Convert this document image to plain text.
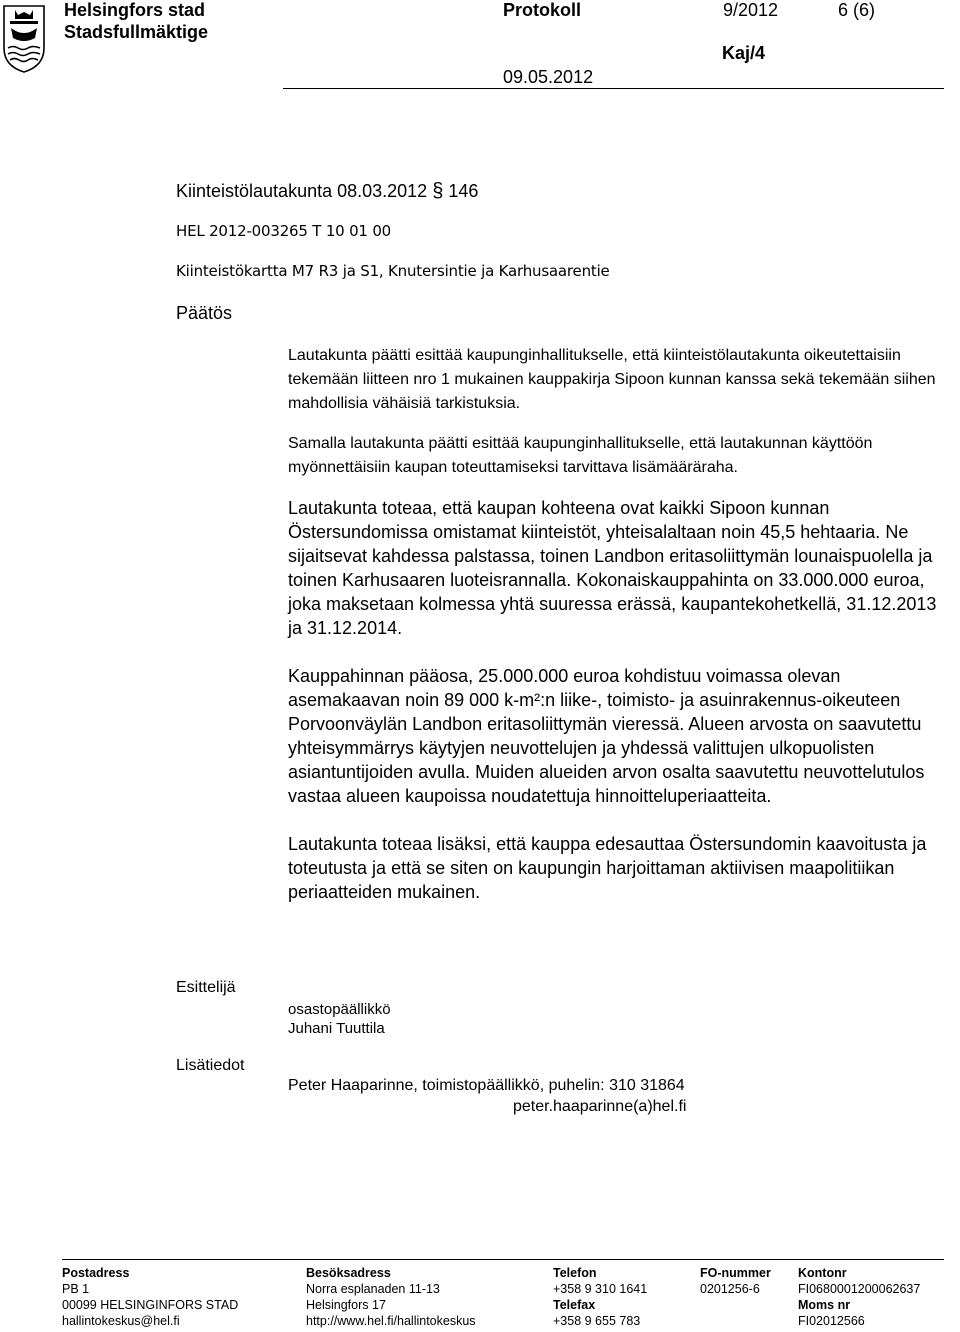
Helsingfors stad
Stadsfullmäktige
Protokoll	9/2012	6 (6)
Kaj/4
09.05.2012
Kiinteistölautakunta 08.03.2012 § 146
HEL 2012-003265 T 10 01 00
Kiinteistökartta M7 R3 ja S1, Knutersintie ja Karhusaarentie
Päätös

Lautakunta päätti esittää kaupunginhallitukselle, että kiinteistölautakunta oikeutettaisiin tekemään liitteen nro 1 mukainen kauppakirja Sipoon kunnan kanssa sekä tekemään siihen mahdollisia vähäisiä tarkistuksia.

Samalla lautakunta päätti esittää kaupunginhallitukselle, että lautakunnan käyttöön myönnettäisiin kaupan toteuttamiseksi tarvittava lisämääräraha.

Lautakunta toteaa, että kaupan kohteena ovat kaikki Sipoon kunnan Östersundomissa omistamat kiinteistöt, yhteisalaltaan noin 45,5 hehtaaria. Ne sijaitsevat kahdessa palstassa, toinen Landbon eritasoliittymän lounaispuolella ja toinen Karhusaaren luoteisrannalla. Kokonaiskauppahinta on 33.000.000 euroa, joka maksetaan kolmessa yhtä suuressa erässä, kaupantekohetkellä, 31.12.2013 ja 31.12.2014.

Kauppahinnan pääosa, 25.000.000 euroa kohdistuu voimassa olevan asemakaavan noin 89 000 k-m²:n liike-, toimisto- ja asuinrakennus-oikeuteen Porvoonväylän Landbon eritasoliittymän vieressä. Alueen arvosta on saavutettu yhteisymmärrys käytyjen neuvottelujen ja yhdessä valittujen ulkopuolisten asiantuntijoiden avulla. Muiden alueiden arvon osalta saavutettu neuvottelutulos vastaa alueen kaupoissa noudatettuja hinnoitteluperiaatteita.

Lautakunta toteaa lisäksi, että kauppa edesauttaa Östersundomin kaavoitusta ja toteutusta ja että se siten on kaupungin harjoittaman aktiivisen maapolitiikan periaatteiden mukainen.

Esittelijä
osastopäällikkö
Juhani Tuuttila
Lisätiedot
Peter Haaparinne, toimistopäällikkö, puhelin: 310 31864
peter.haaparinne(a)hel.fi
Postadress
PB 1
00099 HELSINGINFORS STAD
hallintokeskus@hel.fi
Besöksadress
Norra esplanaden 11-13
Helsingfors 17
http://www.hel.fi/hallintokeskus
Telefon
+358 9 310 1641
Telefax
+358 9 655 783
FO-nummer
0201256-6
Kontonr
FI0680001200062637
Moms nr
FI02012566
